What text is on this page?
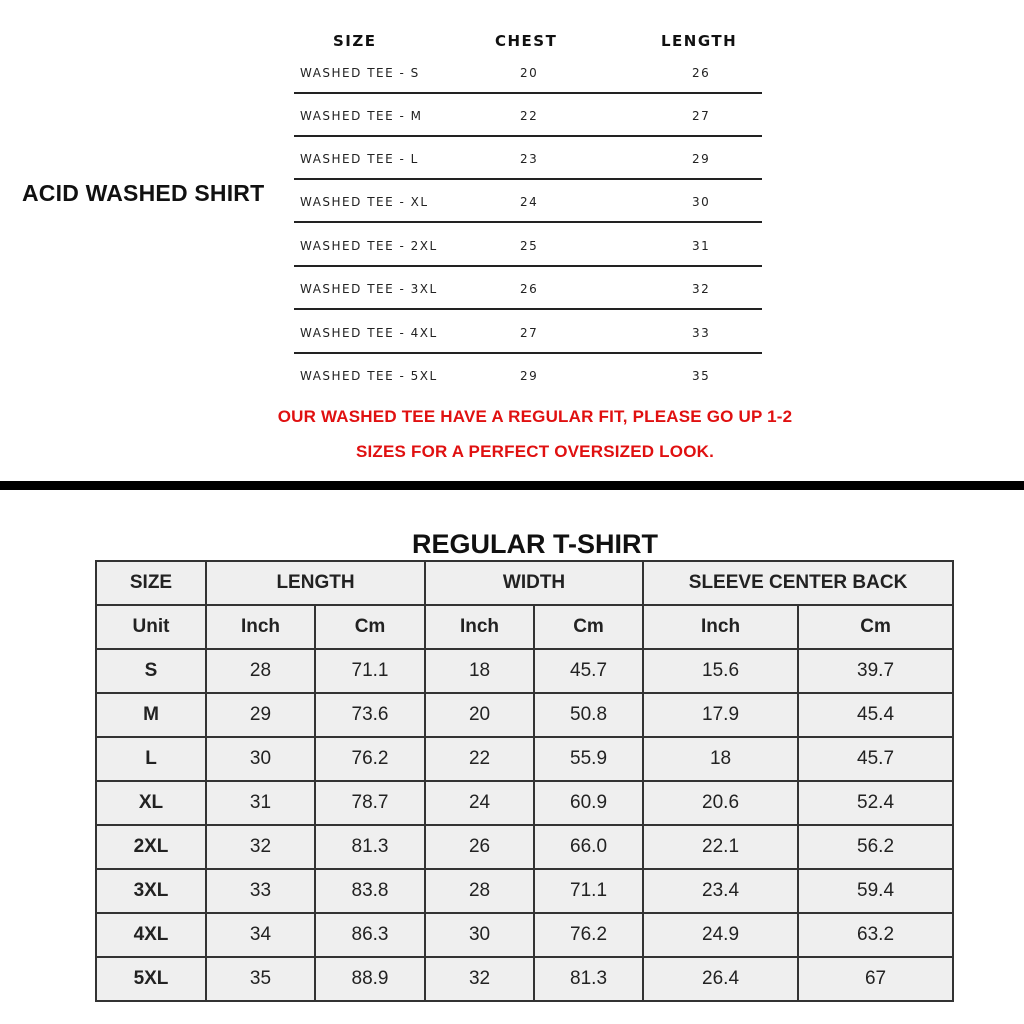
ACID WASHED SHIRT
SIZE	CHEST	LENGTH
WASHED TEE - S	20	26
WASHED TEE - M	22	27
WASHED TEE - L	23	29
WASHED TEE - XL	24	30
WASHED TEE - 2XL	25	31
WASHED TEE - 3XL	26	32
WASHED TEE - 4XL	27	33
WASHED TEE - 5XL	29	35
OUR WASHED TEE HAVE A REGULAR FIT, PLEASE GO UP 1-2
SIZES FOR A PERFECT OVERSIZED LOOK.
REGULAR T-SHIRT
SIZE	LENGTH		WIDTH		SLEEVE CENTER BACK	
Unit	Inch	Cm	Inch	Cm	Inch	Cm
S	28	71.1	18	45.7	15.6	39.7
M	29	73.6	20	50.8	17.9	45.4
L	30	76.2	22	55.9	18	45.7
XL	31	78.7	24	60.9	20.6	52.4
2XL	32	81.3	26	66.0	22.1	56.2
3XL	33	83.8	28	71.1	23.4	59.4
4XL	34	86.3	30	76.2	24.9	63.2
5XL	35	88.9	32	81.3	26.4	67
